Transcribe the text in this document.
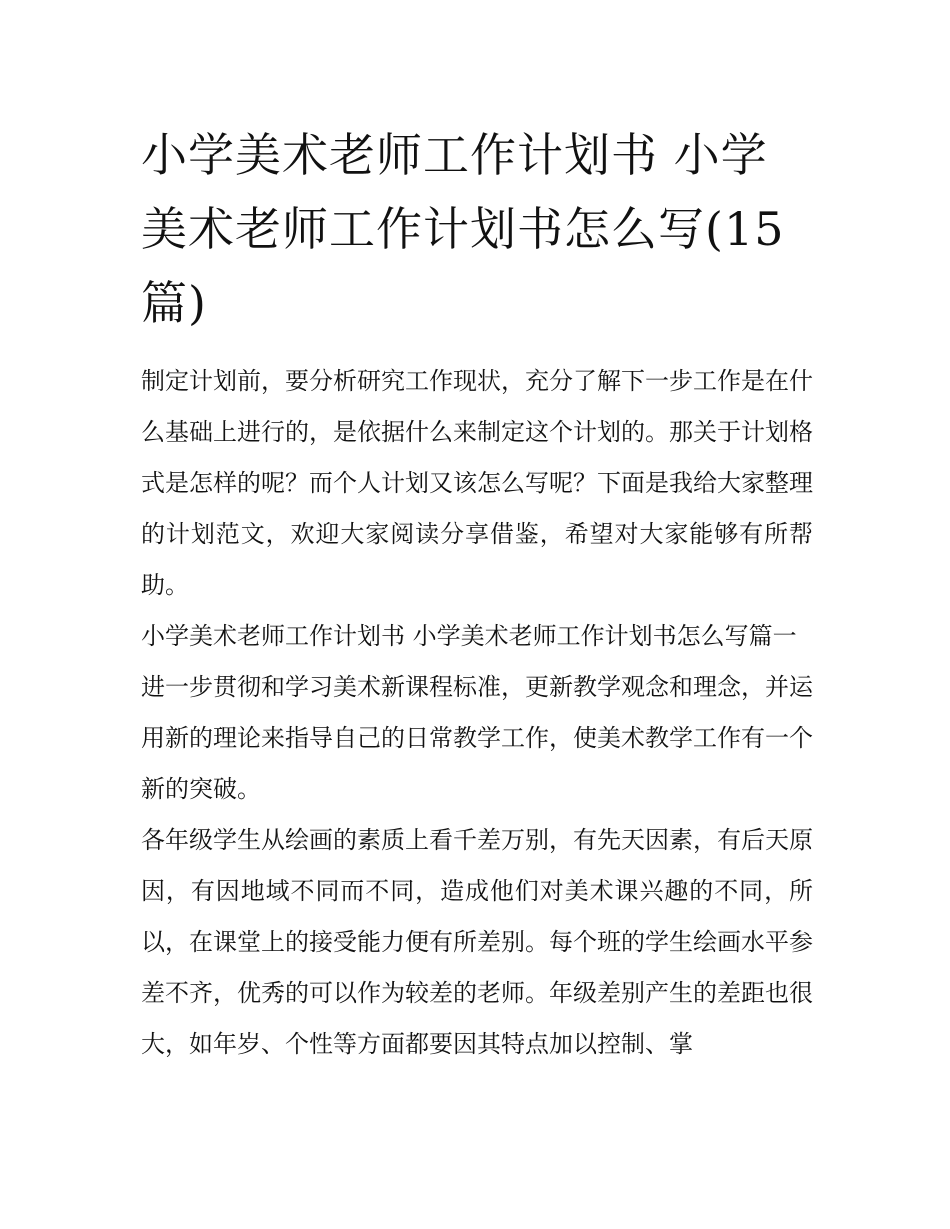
小学美术老师工作计划书 小学美术老师工作计划书怎么写(15篇)

制定计划前，要分析研究工作现状，充分了解下一步工作是在什么基础上进行的，是依据什么来制定这个计划的。那关于计划格式是怎样的呢？而个人计划又该怎么写呢？下面是我给大家整理的计划范文，欢迎大家阅读分享借鉴，希望对大家能够有所帮助。

小学美术老师工作计划书 小学美术老师工作计划书怎么写篇一

进一步贯彻和学习美术新课程标准，更新教学观念和理念，并运用新的理论来指导自己的日常教学工作，使美术教学工作有一个新的突破。

各年级学生从绘画的素质上看千差万别，有先天因素，有后天原因，有因地域不同而不同，造成他们对美术课兴趣的不同，所以，在课堂上的接受能力便有所差别。每个班的学生绘画水平参差不齐，优秀的可以作为较差的老师。年级差别产生的差距也很大，如年岁、个性等方面都要因其特点加以控制、掌
